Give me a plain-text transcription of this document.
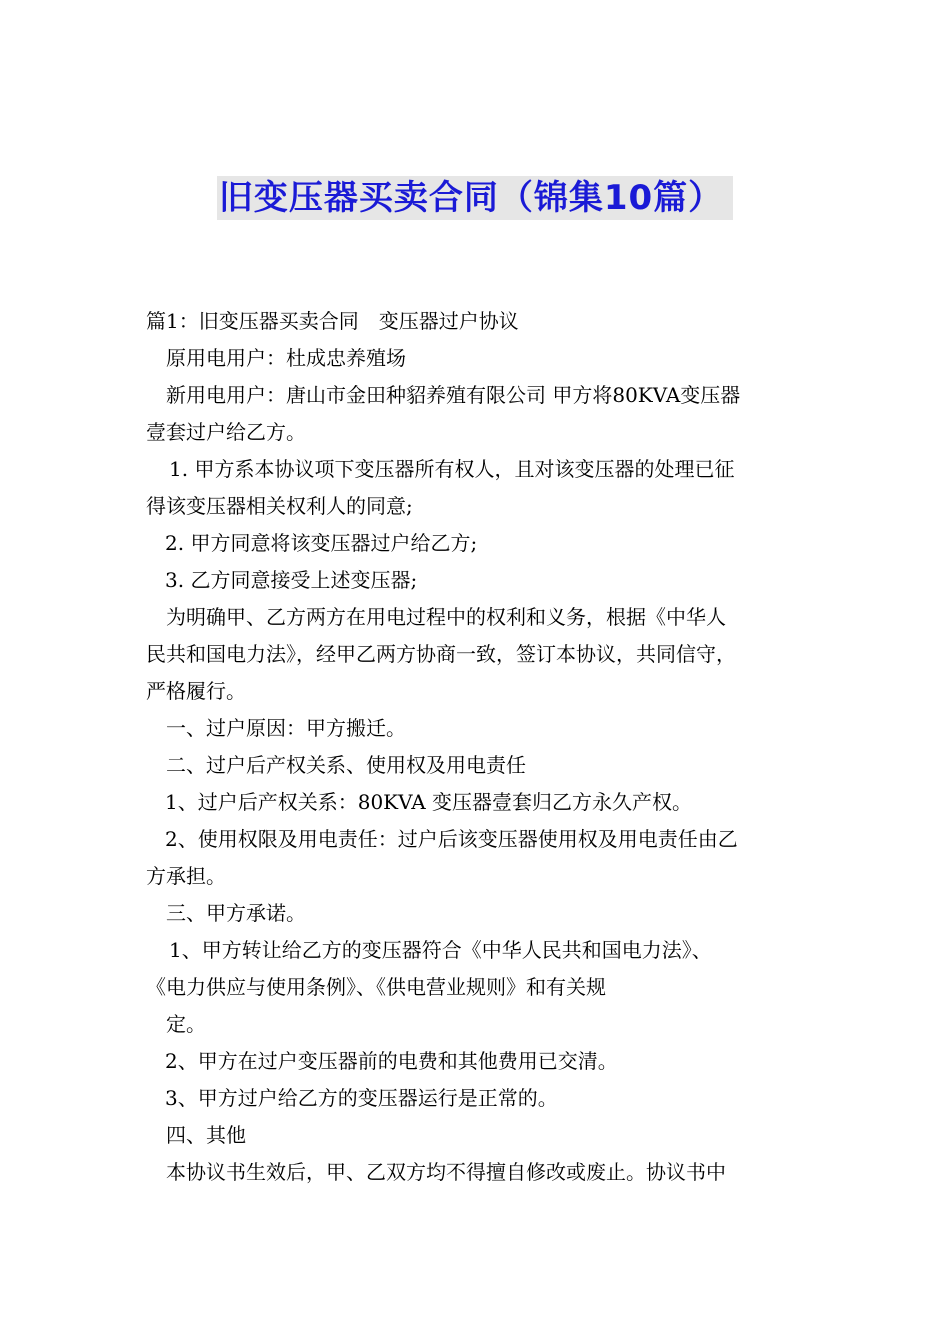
旧变压器买卖合同（锦集10篇）
篇1：旧变压器买卖合同　变压器过户协议
原用电用户：杜成忠养殖场
新用电用户：唐山市金田种貂养殖有限公司 甲方将80KVA变压器
壹套过户给乙方。
1. 甲方系本协议项下变压器所有权人，且对该变压器的处理已征
得该变压器相关权利人的同意;
2. 甲方同意将该变压器过户给乙方;
3. 乙方同意接受上述变压器;
为明确甲、乙方两方在用电过程中的权利和义务，根据《中华人
民共和国电力法》，经甲乙两方协商一致，签订本协议，共同信守，
严格履行。
一、过户原因：甲方搬迁。
二、过户后产权关系、使用权及用电责任
1、过户后产权关系：80KVA 变压器壹套归乙方永久产权。
2、使用权限及用电责任：过户后该变压器使用权及用电责任由乙
方承担。
三、甲方承诺。
1、甲方转让给乙方的变压器符合《中华人民共和国电力法》、
《电力供应与使用条例》、《供电营业规则》和有关规
定。
2、甲方在过户变压器前的电费和其他费用已交清。
3、甲方过户给乙方的变压器运行是正常的。
四、其他
本协议书生效后，甲、乙双方均不得擅自修改或废止。协议书中
